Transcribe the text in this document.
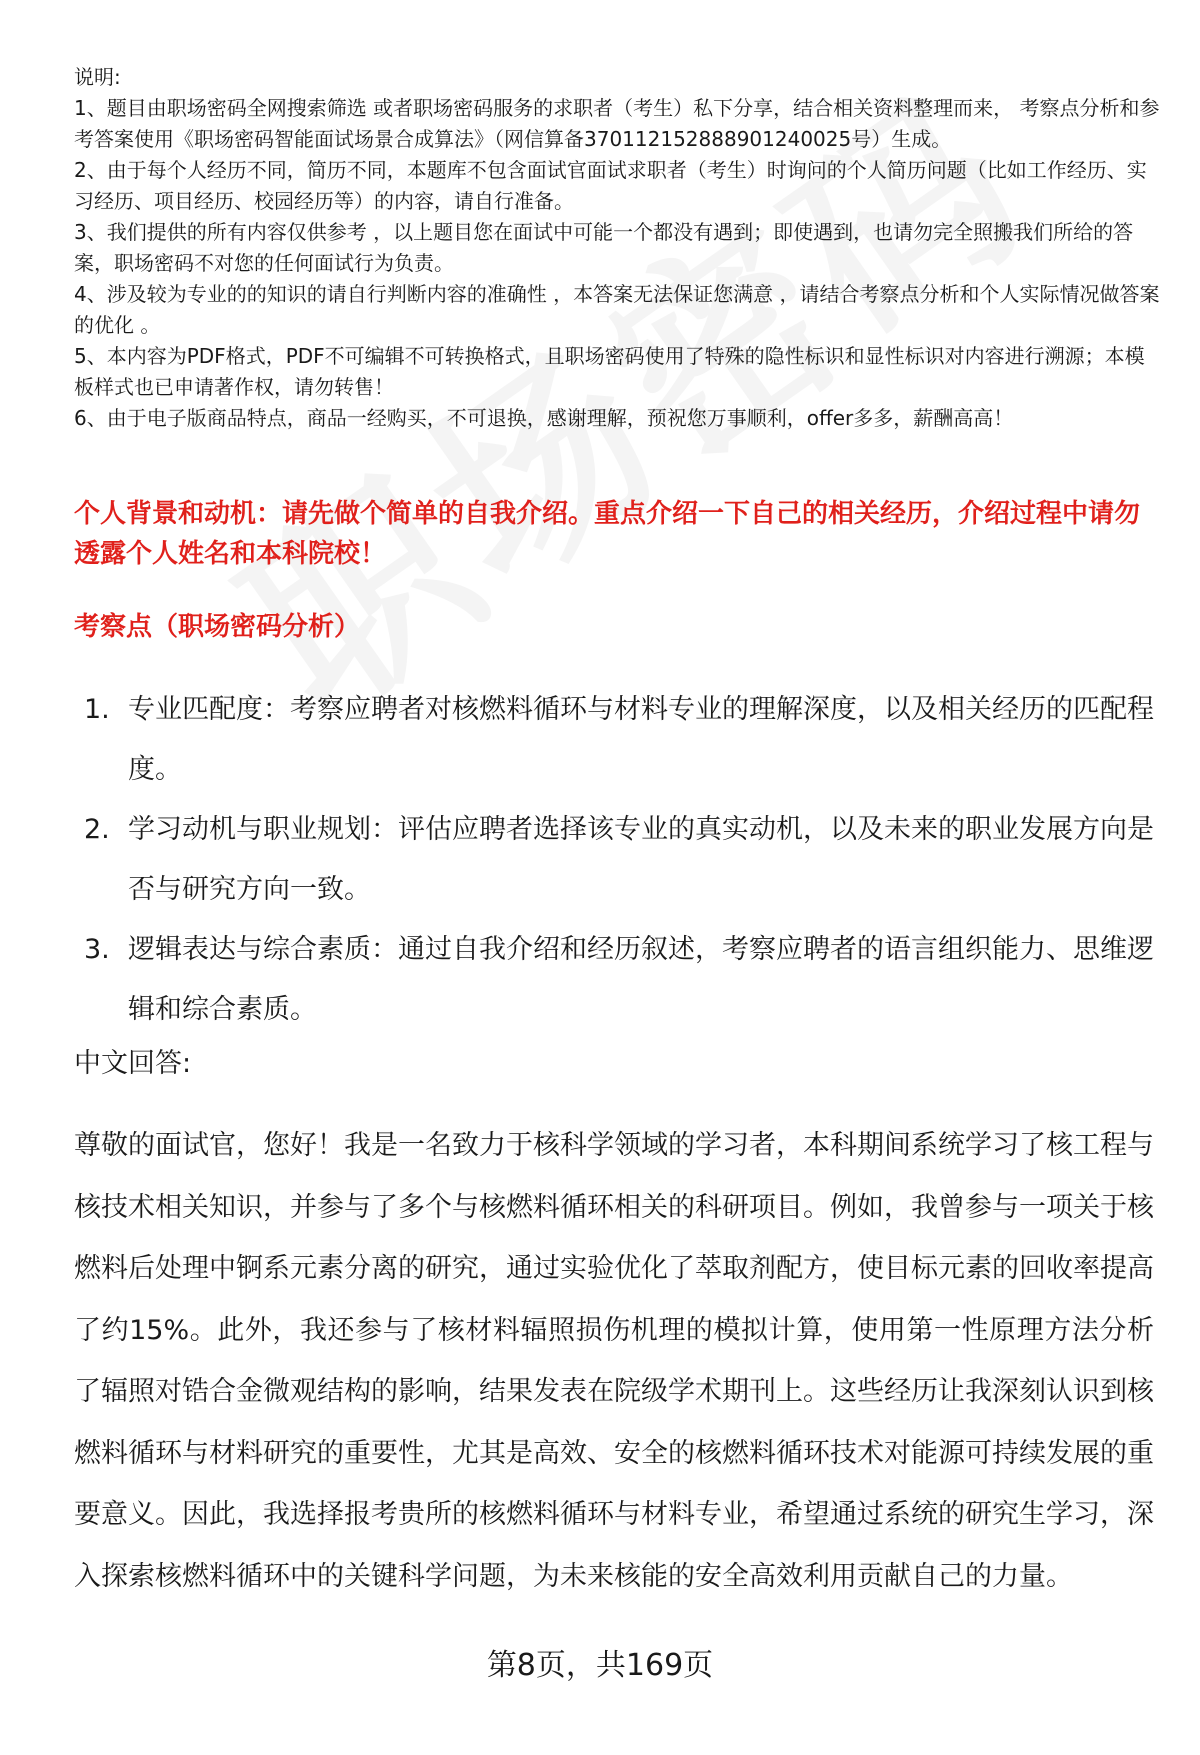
说明:

1、题目由职场密码全网搜索筛选 或者职场密码服务的求职者（考生）私下分享，结合相关资料整理而来， 考察点分析和参考答案使用《职场密码智能面试场景合成算法》（网信算备370112152888901240025号）生成。

2、由于每个人经历不同，简历不同，本题库不包含面试官面试求职者（考生）时询问的个人简历问题（比如工作经历、实习经历、项目经历、校园经历等）的内容，请自行准备。

3、我们提供的所有内容仅供参考 ，以上题目您在面试中可能一个都没有遇到；即使遇到，也请勿完全照搬我们所给的答案，职场密码不对您的任何面试行为负责。

4、涉及较为专业的的知识的请自行判断内容的准确性 ，本答案无法保证您满意 ，请结合考察点分析和个人实际情况做答案的优化 。

5、本内容为PDF格式，PDF不可编辑不可转换格式，且职场密码使用了特殊的隐性标识和显性标识对内容进行溯源；本模板样式也已申请著作权，请勿转售！

6、由于电子版商品特点，商品一经购买，不可退换，感谢理解，预祝您万事顺利，offer多多，薪酬高高！

个人背景和动机：请先做个简单的自我介绍。重点介绍一下自己的相关经历，介绍过程中请勿透露个人姓名和本科院校！
考察点（职场密码分析）
1. 专业匹配度：考察应聘者对核燃料循环与材料专业的理解深度，以及相关经历的匹配程度。
2. 学习动机与职业规划：评估应聘者选择该专业的真实动机，以及未来的职业发展方向是否与研究方向一致。
3. 逻辑表达与综合素质：通过自我介绍和经历叙述，考察应聘者的语言组织能力、思维逻辑和综合素质。
中文回答:
尊敬的面试官，您好！我是一名致力于核科学领域的学习者，本科期间系统学习了核工程与核技术相关知识，并参与了多个与核燃料循环相关的科研项目。例如，我曾参与一项关于核燃料后处理中锕系元素分离的研究，通过实验优化了萃取剂配方，使目标元素的回收率提高了约15%。此外，我还参与了核材料辐照损伤机理的模拟计算，使用第一性原理方法分析了辐照对锆合金微观结构的影响，结果发表在院级学术期刊上。这些经历让我深刻认识到核燃料循环与材料研究的重要性，尤其是高效、安全的核燃料循环技术对能源可持续发展的重要意义。因此，我选择报考贵所的核燃料循环与材料专业，希望通过系统的研究生学习，深入探索核燃料循环中的关键科学问题，为未来核能的安全高效利用贡献自己的力量。
第8页，共169页
